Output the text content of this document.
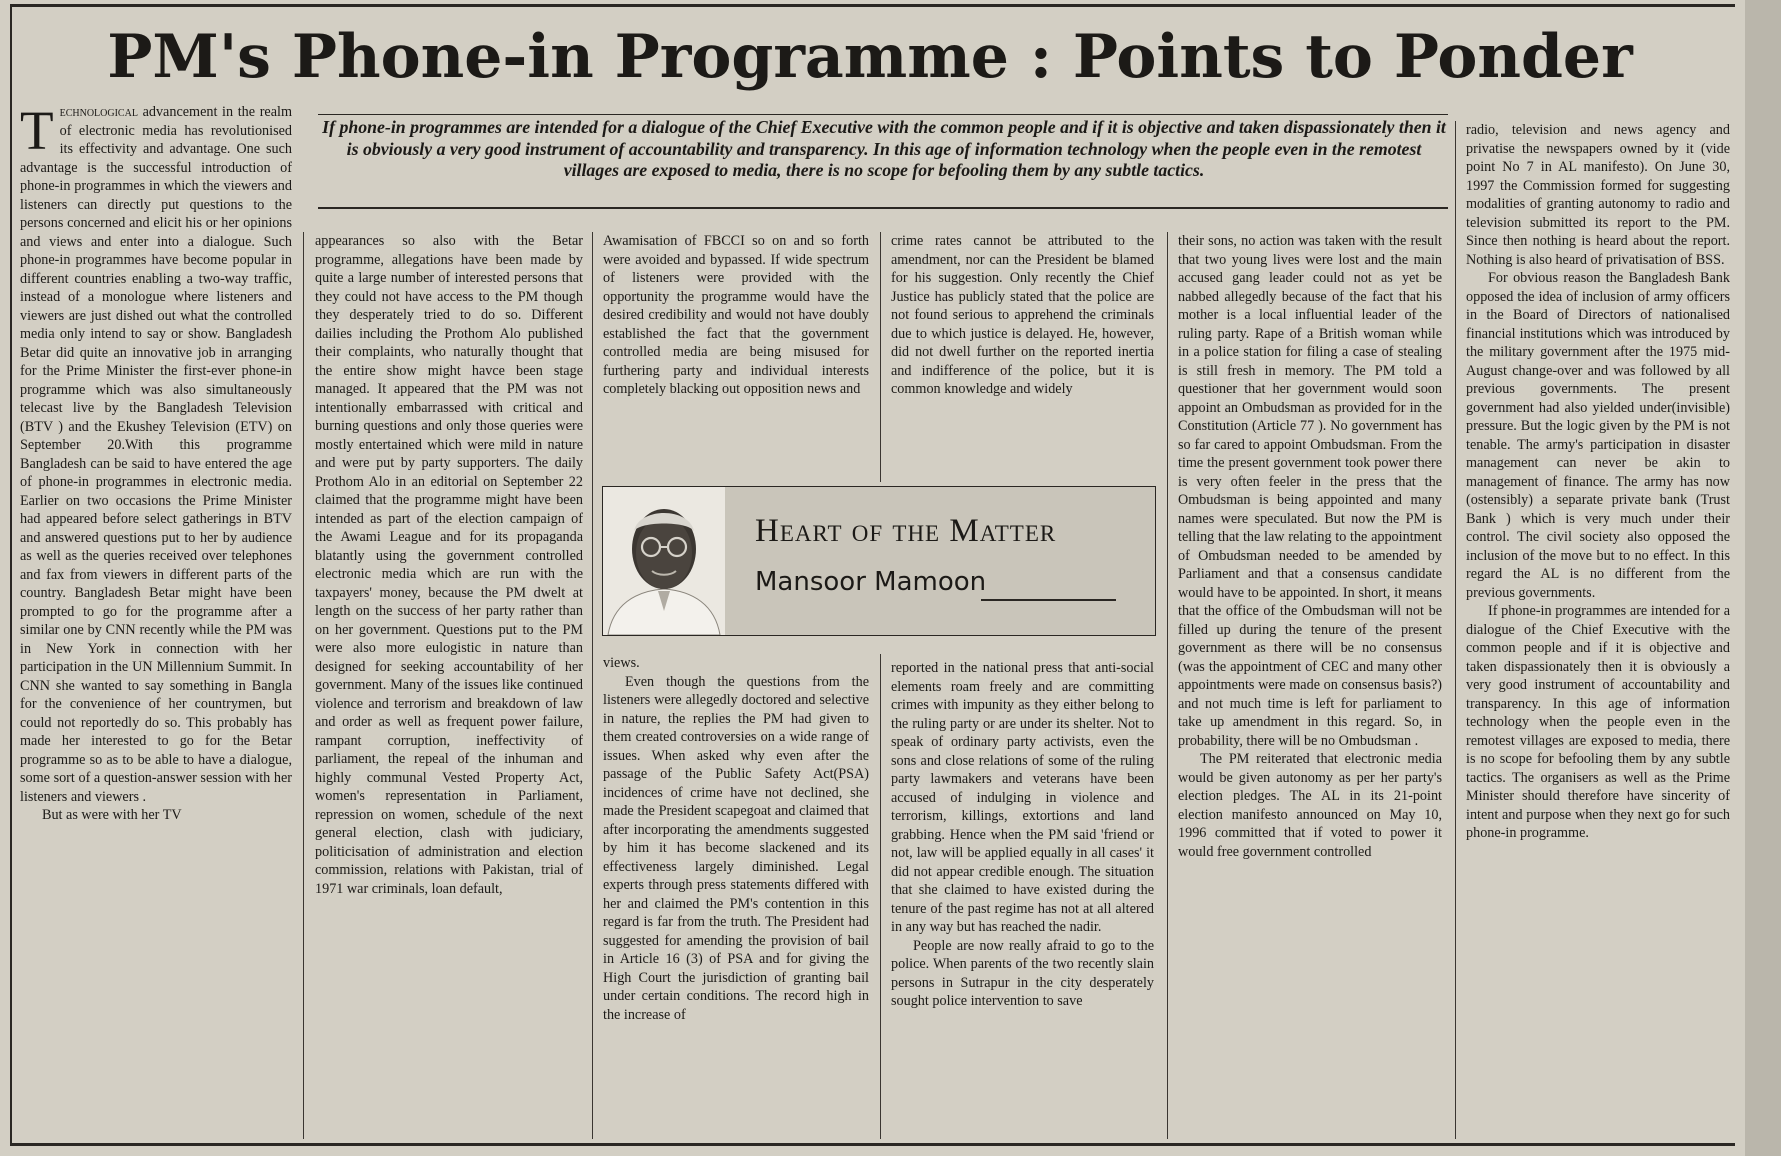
PM's Phone-in Programme : Points to Ponder
If phone-in programmes are intended for a dialogue of the Chief Executive with the common people and if it is objective and taken dispassionately then it is obviously a very good instrument of accountability and transparency. In this age of information technology when the people even in the remotest villages are exposed to media, there is no scope for befooling them by any subtle tactics.

Technological advancement in the realm of electronic media has revolutionised its effectivity and advantage. One such advantage is the successful introduction of phone-in programmes in which the viewers and listeners can directly put questions to the persons concerned and elicit his or her opinions and views and enter into a dialogue. Such phone-in programmes have become popular in different countries enabling a two-way traffic, instead of a monologue where listeners and viewers are just dished out what the controlled media only intend to say or show. Bangladesh Betar did quite an innovative job in arranging for the Prime Minister the first-ever phone-in programme which was also simultaneously telecast live by the Bangladesh Television (BTV ) and the Ekushey Television (ETV) on September 20.With this programme Bangladesh can be said to have entered the age of phone-in programmes in electronic media. Earlier on two occasions the Prime Minister had appeared before select gatherings in BTV and answered questions put to her by audience as well as the queries received over telephones and fax from viewers in different parts of the country. Bangladesh Betar might have been prompted to go for the programme after a similar one by CNN recently while the PM was in New York in connection with her participation in the UN Millennium Summit. In CNN she wanted to say something in Bangla for the convenience of her countrymen, but could not reportedly do so. This probably has made her interested to go for the Betar programme so as to be able to have a dialogue, some sort of a question-answer session with her listeners and viewers .

But as were with her TV

appearances so also with the Betar programme, allegations have been made by quite a large number of interested persons that they could not have access to the PM though they desperately tried to do so. Different dailies including the Prothom Alo published their complaints, who naturally thought that the entire show might havce been stage managed. It appeared that the PM was not intentionally embarrassed with critical and burning questions and only those queries were mostly entertained which were mild in nature and were put by party supporters. The daily Prothom Alo in an editorial on September 22 claimed that the programme might have been intended as part of the election campaign of the Awami League and for its propaganda blatantly using the government controlled electronic media which are run with the taxpayers' money, because the PM dwelt at length on the success of her party rather than on her government. Questions put to the PM were also more eulogistic in nature than designed for seeking accountability of her government. Many of the issues like continued violence and terrorism and breakdown of law and order as well as frequent power failure, rampant corruption, ineffectivity of parliament, the repeal of the inhuman and highly communal Vested Property Act, women's representation in Parliament, repression on women, schedule of the next general election, clash with judiciary, politicisation of administration and election commission, relations with Pakistan, trial of 1971 war criminals, loan default,

Awamisation of FBCCI so on and so forth were avoided and bypassed. If wide spectrum of listeners were provided with the opportunity the programme would have the desired credibility and would not have doubly established the fact that the government controlled media are being misused for furthering party and individual interests completely blacking out opposition news and

crime rates cannot be attributed to the amendment, nor can the President be blamed for his suggestion. Only recently the Chief Justice has publicly stated that the police are not found serious to apprehend the criminals due to which justice is delayed. He, however, did not dwell further on the reported inertia and indifference of the police, but it is common knowledge and widely

Heart of the Matter
Mansoor Mamoon

views.

Even though the questions from the listeners were allegedly doctored and selective in nature, the replies the PM had given to them created controversies on a wide range of issues. When asked why even after the passage of the Public Safety Act(PSA) incidences of crime have not declined, she made the President scapegoat and claimed that after incorporating the amendments suggested by him it has become slackened and its effectiveness largely diminished. Legal experts through press statements differed with her and claimed the PM's contention in this regard is far from the truth. The President had suggested for amending the provision of bail in Article 16 (3) of PSA and for giving the High Court the jurisdiction of granting bail under certain conditions. The record high in the increase of

reported in the national press that anti-social elements roam freely and are committing crimes with impunity as they either belong to the ruling party or are under its shelter. Not to speak of ordinary party activists, even the sons and close relations of some of the ruling party lawmakers and veterans have been accused of indulging in violence and terrorism, killings, extortions and land grabbing. Hence when the PM said 'friend or not, law will be applied equally in all cases' it did not appear credible enough. The situation that she claimed to have existed during the tenure of the past regime has not at all altered in any way but has reached the nadir.

People are now really afraid to go to the police. When parents of the two recently slain persons in Sutrapur in the city desperately sought police intervention to save

their sons, no action was taken with the result that two young lives were lost and the main accused gang leader could not as yet be nabbed allegedly because of the fact that his mother is a local influential leader of the ruling party. Rape of a British woman while in a police station for filing a case of stealing is still fresh in memory. The PM told a questioner that her government would soon appoint an Ombudsman as provided for in the Constitution (Article 77 ). No government has so far cared to appoint Ombudsman. From the time the present government took power there is very often feeler in the press that the Ombudsman is being appointed and many names were speculated. But now the PM is telling that the law relating to the appointment of Ombudsman needed to be amended by Parliament and that a consensus candidate would have to be appointed. In short, it means that the office of the Ombudsman will not be filled up during the tenure of the present government as there will be no consensus (was the appointment of CEC and many other appointments were made on consensus basis?) and not much time is left for parliament to take up amendment in this regard. So, in probability, there will be no Ombudsman .

The PM reiterated that electronic media would be given autonomy as per her party's election pledges. The AL in its 21-point election manifesto announced on May 10, 1996 committed that if voted to power it would free government controlled

radio, television and news agency and privatise the newspapers owned by it (vide point No 7 in AL manifesto). On June 30, 1997 the Commission formed for suggesting modalities of granting autonomy to radio and television submitted its report to the PM. Since then nothing is heard about the report. Nothing is also heard of privatisation of BSS.

For obvious reason the Bangladesh Bank opposed the idea of inclusion of army officers in the Board of Directors of nationalised financial institutions which was introduced by the military government after the 1975 mid-August change-over and was followed by all previous governments. The present government had also yielded under(invisible) pressure. But the logic given by the PM is not tenable. The army's participation in disaster management can never be akin to management of finance. The army has now (ostensibly) a separate private bank (Trust Bank ) which is very much under their control. The civil society also opposed the inclusion of the move but to no effect. In this regard the AL is no different from the previous governments.

If phone-in programmes are intended for a dialogue of the Chief Executive with the common people and if it is objective and taken dispassionately then it is obviously a very good instrument of accountability and transparency. In this age of information technology when the people even in the remotest villages are exposed to media, there is no scope for befooling them by any subtle tactics. The organisers as well as the Prime Minister should therefore have sincerity of intent and purpose when they next go for such phone-in programme.
